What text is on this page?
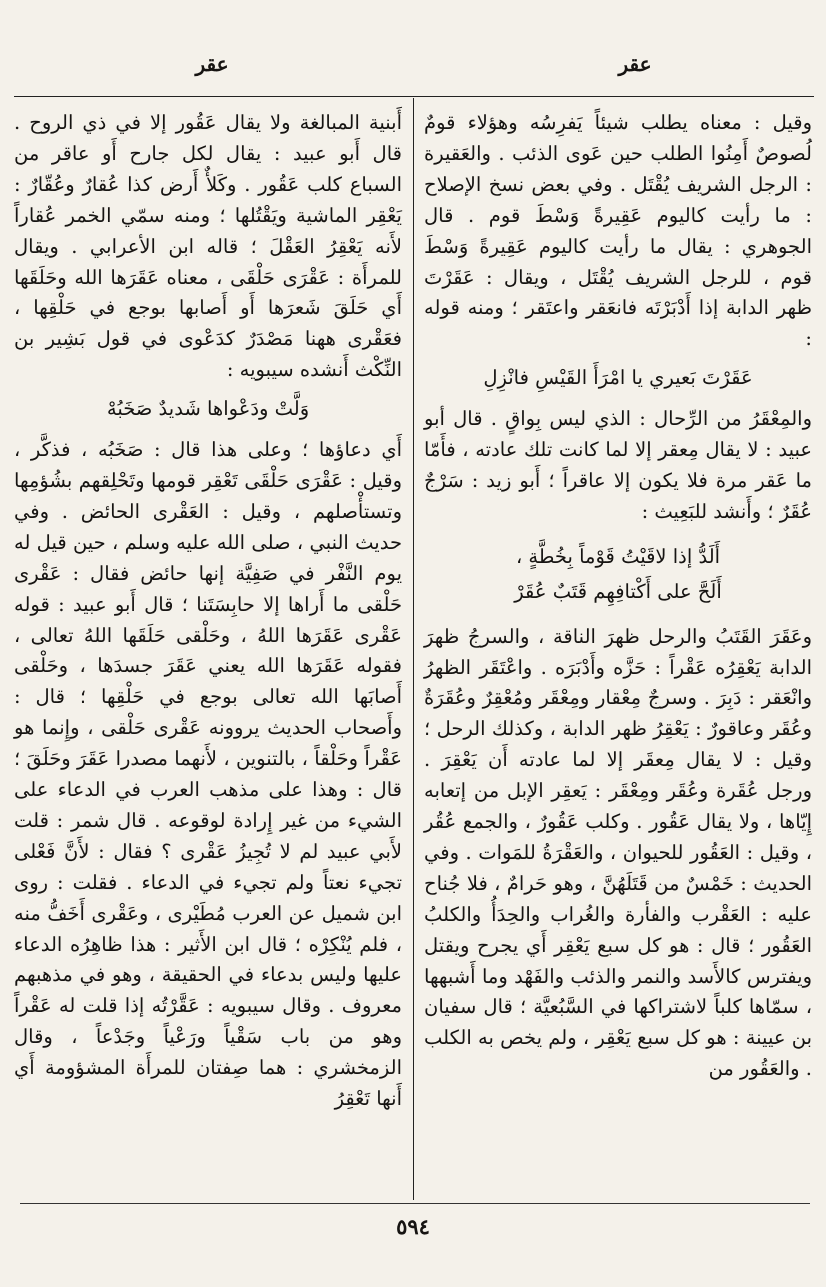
عقر
عقر

وقيل : معناه يطلب شيئاً يَفرِسُه وهؤلاء قومٌ لُصوصٌ أَمِنُوا الطلب حين عَوى الذئب . والعَقيرة : الرجل الشريف يُقْتَل . وفي بعض نسخ الإصلاح : ما رأيت كاليوم عَقِيرةً وَسْطَ قوم . قال الجوهري : يقال ما رأيت كاليوم عَقِيرةً وَسْطَ قوم ، للرجل الشريف يُقْتَل ، ويقال : عَقَرْتَ ظهر الدابة إذا أَدْبَرْتَه فانعَقر واعتَقر ؛ ومنه قوله :

عَقَرْتَ بَعيري يا امْرَأَ القَيْسِ فانْزِلِ

والمِعْقَرُ من الرِّحال : الذي ليس بِواقٍ . قال أبو عبيد : لا يقال مِعقر إلا لما كانت تلك عادته ، فأَمّا ما عَقر مرة فلا يكون إلا عاقراً ؛ أَبو زيد : سَرْجٌ عُقَرٌ ؛ وأَنشد للبَعِيث :

أَلَدُّ إذا لاقَيْتُ قَوْماً بِخُطَّةٍ ،

أَلَحَّ على أَكْتافِهِم قَتَبٌ عُقَرْ

وعَقَرَ القَتَبُ والرحل ظهرَ الناقة ، والسرجُ ظهرَ الدابة يَعْقِرُه عَقْراً : حَزَّه وأَدْبَرَه . واعْتَقَر الظهرُ وانْعَقر : دَبِرَ . وسرجٌ مِعْقار ومِعْقَر ومُعْقِرٌ وعُقَرَةٌ وعُقَر وعاقورٌ : يَعْقِرُ ظهر الدابة ، وكذلك الرحل ؛ وقيل : لا يقال مِعقَر إلا لما عادته أَن يَعْقِرَ . ورجل عُقَرة وعُقَر ومِعْقَر : يَعقِر الإبل من إتعابه إِيّاها ، ولا يقال عَقُور . وكلب عَقُورٌ ، والجمع عُقُر ، وقيل : العَقُور للحيوان ، والعَقْرَةُ للمَوات . وفي الحديث : خَمْسٌ من قَتَلَهُنَّ ، وهو حَرامٌ ، فلا جُناح عليه : العَقْرب والفأرة والغُراب والحِدَأُ والكلبُ العَقُور ؛ قال : هو كل سبع يَعْقِر أَي يجرح ويقتل ويفترس كالأَسد والنمر والذئب والفَهْد وما أَشبهها ، سمّاها كلباً لاشتراكها في السَّبُعيَّة ؛ قال سفيان بن عيينة : هو كل سبع يَعْقِر ، ولم يخص به الكلب . والعَقُور من

أَبنية المبالغة ولا يقال عَقُور إلا في ذي الروح . قال أَبو عبيد : يقال لكل جارح أَو عاقر من السباع كلب عَقُور . وكَلأٌ أَرض كذا عُقارٌ وعُقّارٌ : يَعْقِر الماشية ويَقْتُلها ؛ ومنه سمّي الخمر عُقاراً لأَنه يَعْقِرُ العَقْلَ ؛ قاله ابن الأعرابي . ويقال للمرأَة : عَقْرَى حَلْقَى ، معناه عَقَرَها الله وحَلَقَها أَي حَلَقَ شَعرَها أَو أَصابها بوجع في حَلْقِها ، فعَقْرى ههنا مَصْدَرٌ كدَعْوى في قول بَشِير بن النِّكْث أَنشده سيبويه :

وَلَّتْ ودَعْواها شَديدٌ صَخَبُهْ

أَي دعاؤها ؛ وعلى هذا قال : صَخَبُه ، فذكَّر ، وقيل : عَقْرَى حَلْقَى تَعْقِر قومها وتَحْلِقهم بشُؤمِها وتستأْصلهم ، وقيل : العَقْرى الحائض . وفي حديث النبي ، صلى الله عليه وسلم ، حين قيل له يوم النَّفْر في صَفِيَّة إنها حائض فقال : عَقْرى حَلْقى ما أَراها إلا حابِسَتَنا ؛ قال أَبو عبيد : قوله عَقْرى عَقَرَها اللهُ ، وحَلْقى حَلَقَها اللهُ تعالى ، فقوله عَقَرَها الله يعني عَقَرَ جسدَها ، وحَلْقى أَصابَها الله تعالى بوجع في حَلْقِها ؛ قال : وأَصحاب الحديث يروونه عَقْرى حَلْقى ، وإِنما هو عَقْراً وحَلْقاً ، بالتنوين ، لأَنهما مصدرا عَقَرَ وحَلَقَ ؛ قال : وهذا على مذهب العرب في الدعاء على الشيء من غير إِرادة لوقوعه . قال شمر : قلت لأَبي عبيد لم لا تُجِيزُ عَقْرى ؟ فقال : لأَنَّ فَعْلى تجيء نعتاً ولم تجيء في الدعاء . فقلت : روى ابن شميل عن العرب مُطَيْرى ، وعَقْرى أَخَفُّ منه ، فلم يُنْكِرْه ؛ قال ابن الأَثير : هذا ظاهِرُه الدعاء عليها وليس بدعاء في الحقيقة ، وهو في مذهبهم معروف . وقال سيبويه : عَقَّرْتُه إذا قلت له عَقْراً وهو من باب سَقْياً ورَعْياً وجَدْعاً ، وقال الزمخشري : هما صِفتان للمرأَة المشؤومة أَي أَنها تَعْقِرُ

٥٩٤
